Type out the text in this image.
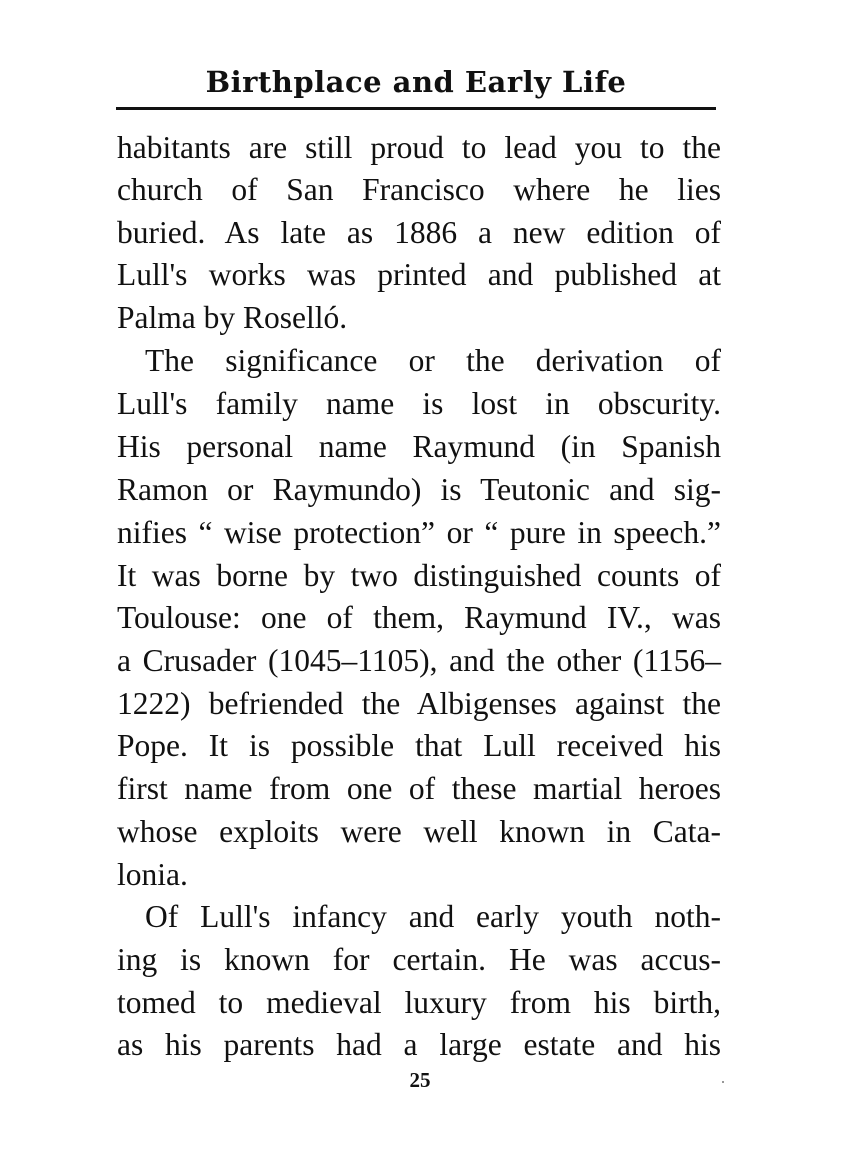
Birthplace and Early Life
habitants are still proud to lead you to the
church of San Francisco where he lies
buried. As late as 1886 a new edition of
Lull's works was printed and published at
Palma by Roselló.
The significance or the derivation of
Lull's family name is lost in obscurity.
His personal name Raymund (in Spanish
Ramon or Raymundo) is Teutonic and sig-
nifies “ wise protection” or “ pure in speech.”
It was borne by two distinguished counts of
Toulouse: one of them, Raymund IV., was
a Crusader (1045–1105), and the other (1156–
1222) befriended the Albigenses against the
Pope. It is possible that Lull received his
first name from one of these martial heroes
whose exploits were well known in Cata-
lonia.
Of Lull's infancy and early youth noth-
ing is known for certain. He was accus-
tomed to medieval luxury from his birth,
as his parents had a large estate and his
25
